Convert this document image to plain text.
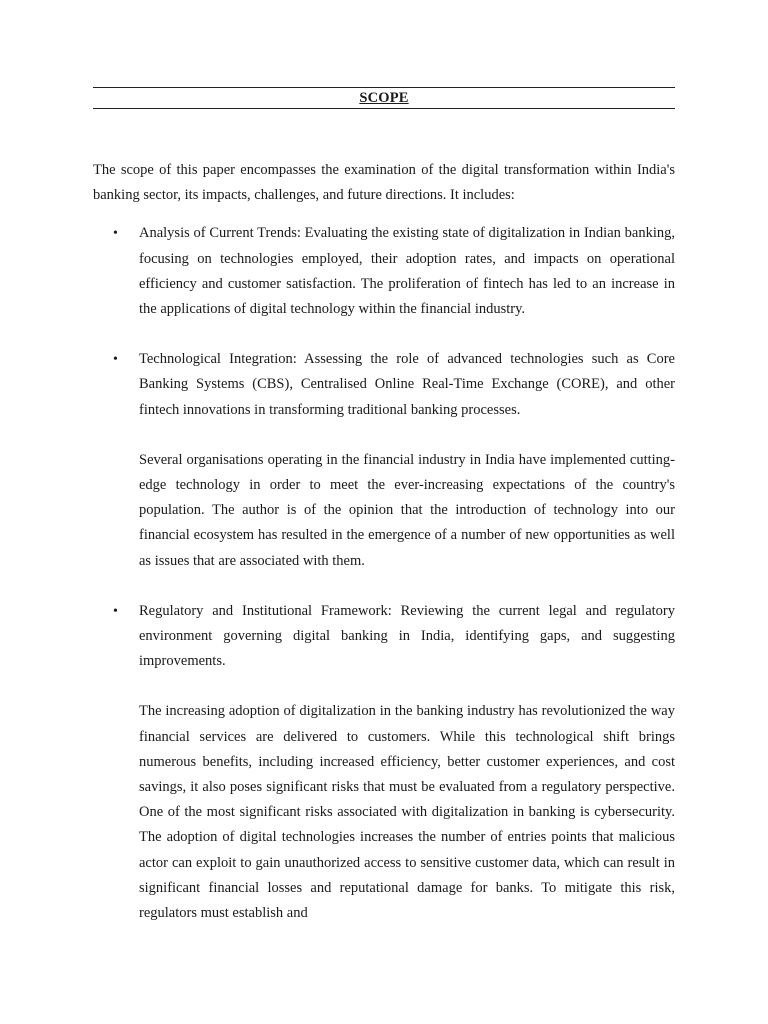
SCOPE

The scope of this paper encompasses the examination of the digital transformation within India's banking sector, its impacts, challenges, and future directions. It includes:

•	Analysis of Current Trends: Evaluating the existing state of digitalization in Indian banking, focusing on technologies employed, their adoption rates, and impacts on operational efficiency and customer satisfaction. The proliferation of fintech has led to an increase in the applications of digital technology within the financial industry.

•	Technological Integration: Assessing the role of advanced technologies such as Core Banking Systems (CBS), Centralised Online Real-Time Exchange (CORE), and other fintech innovations in transforming traditional banking processes.

Several organisations operating in the financial industry in India have implemented cutting-edge technology in order to meet the ever-increasing expectations of the country's population. The author is of the opinion that the introduction of technology into our financial ecosystem has resulted in the emergence of a number of new opportunities as well as issues that are associated with them.

•	Regulatory and Institutional Framework: Reviewing the current legal and regulatory environment governing digital banking in India, identifying gaps, and suggesting improvements.

The increasing adoption of digitalization in the banking industry has revolutionized the way financial services are delivered to customers. While this technological shift brings numerous benefits, including increased efficiency, better customer experiences, and cost savings, it also poses significant risks that must be evaluated from a regulatory perspective. One of the most significant risks associated with digitalization in banking is cybersecurity. The adoption of digital technologies increases the number of entries points that malicious actor can exploit to gain unauthorized access to sensitive customer data, which can result in significant financial losses and reputational damage for banks. To mitigate this risk, regulators must establish and
